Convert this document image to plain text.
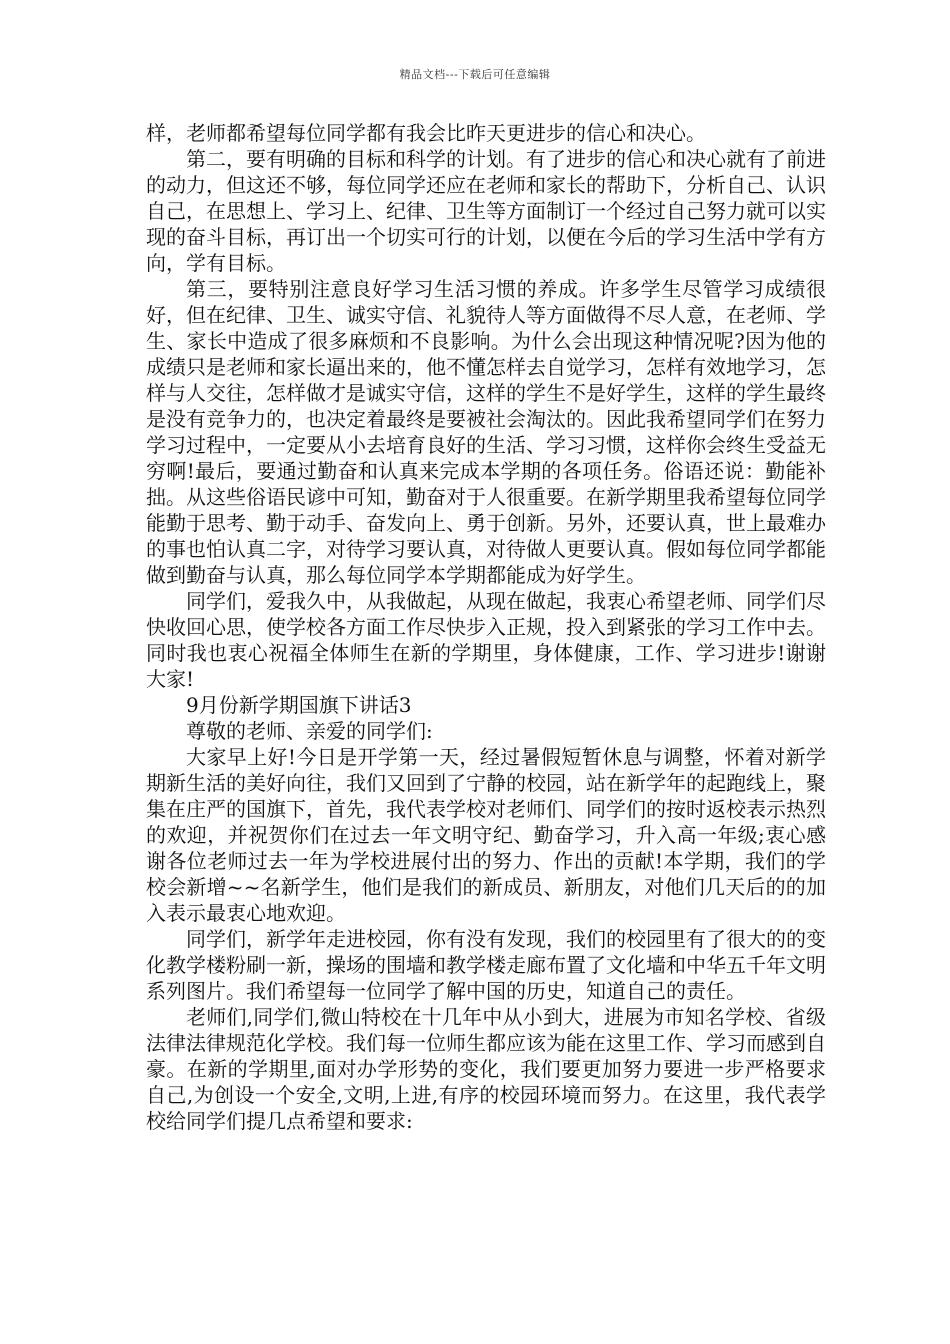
精品文档---下载后可任意编辑

样，老师都希望每位同学都有我会比昨天更进步的信心和决心。

第二，要有明确的目标和科学的计划。有了进步的信心和决心就有了前进的动力，但这还不够，每位同学还应在老师和家长的帮助下，分析自己、认识自己，在思想上、学习上、纪律、卫生等方面制订一个经过自己努力就可以实现的奋斗目标，再订出一个切实可行的计划，以便在今后的学习生活中学有方向，学有目标。

第三，要特别注意良好学习生活习惯的养成。许多学生尽管学习成绩很好，但在纪律、卫生、诚实守信、礼貌待人等方面做得不尽人意，在老师、学生、家长中造成了很多麻烦和不良影响。为什么会出现这种情况呢?因为他的成绩只是老师和家长逼出来的，他不懂怎样去自觉学习，怎样有效地学习，怎样与人交往，怎样做才是诚实守信，这样的学生不是好学生，这样的学生最终是没有竞争力的，也决定着最终是要被社会淘汰的。因此我希望同学们在努力学习过程中，一定要从小去培育良好的生活、学习习惯，这样你会终生受益无穷啊!最后，要通过勤奋和认真来完成本学期的各项任务。俗语还说：勤能补拙。从这些俗语民谚中可知，勤奋对于人很重要。在新学期里我希望每位同学能勤于思考、勤于动手、奋发向上、勇于创新。另外，还要认真，世上最难办的事也怕认真二字，对待学习要认真，对待做人更要认真。假如每位同学都能做到勤奋与认真，那么每位同学本学期都能成为好学生。

同学们，爱我久中，从我做起，从现在做起，我衷心希望老师、同学们尽快收回心思，使学校各方面工作尽快步入正规，投入到紧张的学习工作中去。同时我也衷心祝福全体师生在新的学期里，身体健康，工作、学习进步!谢谢大家!

9月份新学期国旗下讲话3

尊敬的老师、亲爱的同学们:

大家早上好!今日是开学第一天，经过暑假短暂休息与调整，怀着对新学期新生活的美好向往，我们又回到了宁静的校园，站在新学年的起跑线上，聚集在庄严的国旗下，首先，我代表学校对老师们、同学们的按时返校表示热烈的欢迎，并祝贺你们在过去一年文明守纪、勤奋学习，升入高一年级;衷心感谢各位老师过去一年为学校进展付出的努力、作出的贡献!本学期，我们的学校会新增~~名新学生，他们是我们的新成员、新朋友，对他们几天后的的加入表示最衷心地欢迎。

同学们，新学年走进校园，你有没有发现，我们的校园里有了很大的的变化教学楼粉刷一新，操场的围墙和教学楼走廊布置了文化墙和中华五千年文明系列图片。我们希望每一位同学了解中国的历史，知道自己的责任。

老师们,同学们,微山特校在十几年中从小到大，进展为市知名学校、省级法律法律规范化学校。我们每一位师生都应该为能在这里工作、学习而感到自豪。在新的学期里,面对办学形势的变化，我们要更加努力要进一步严格要求自己,为创设一个安全,文明,上进,有序的校园环境而努力。在这里，我代表学校给同学们提几点希望和要求:
